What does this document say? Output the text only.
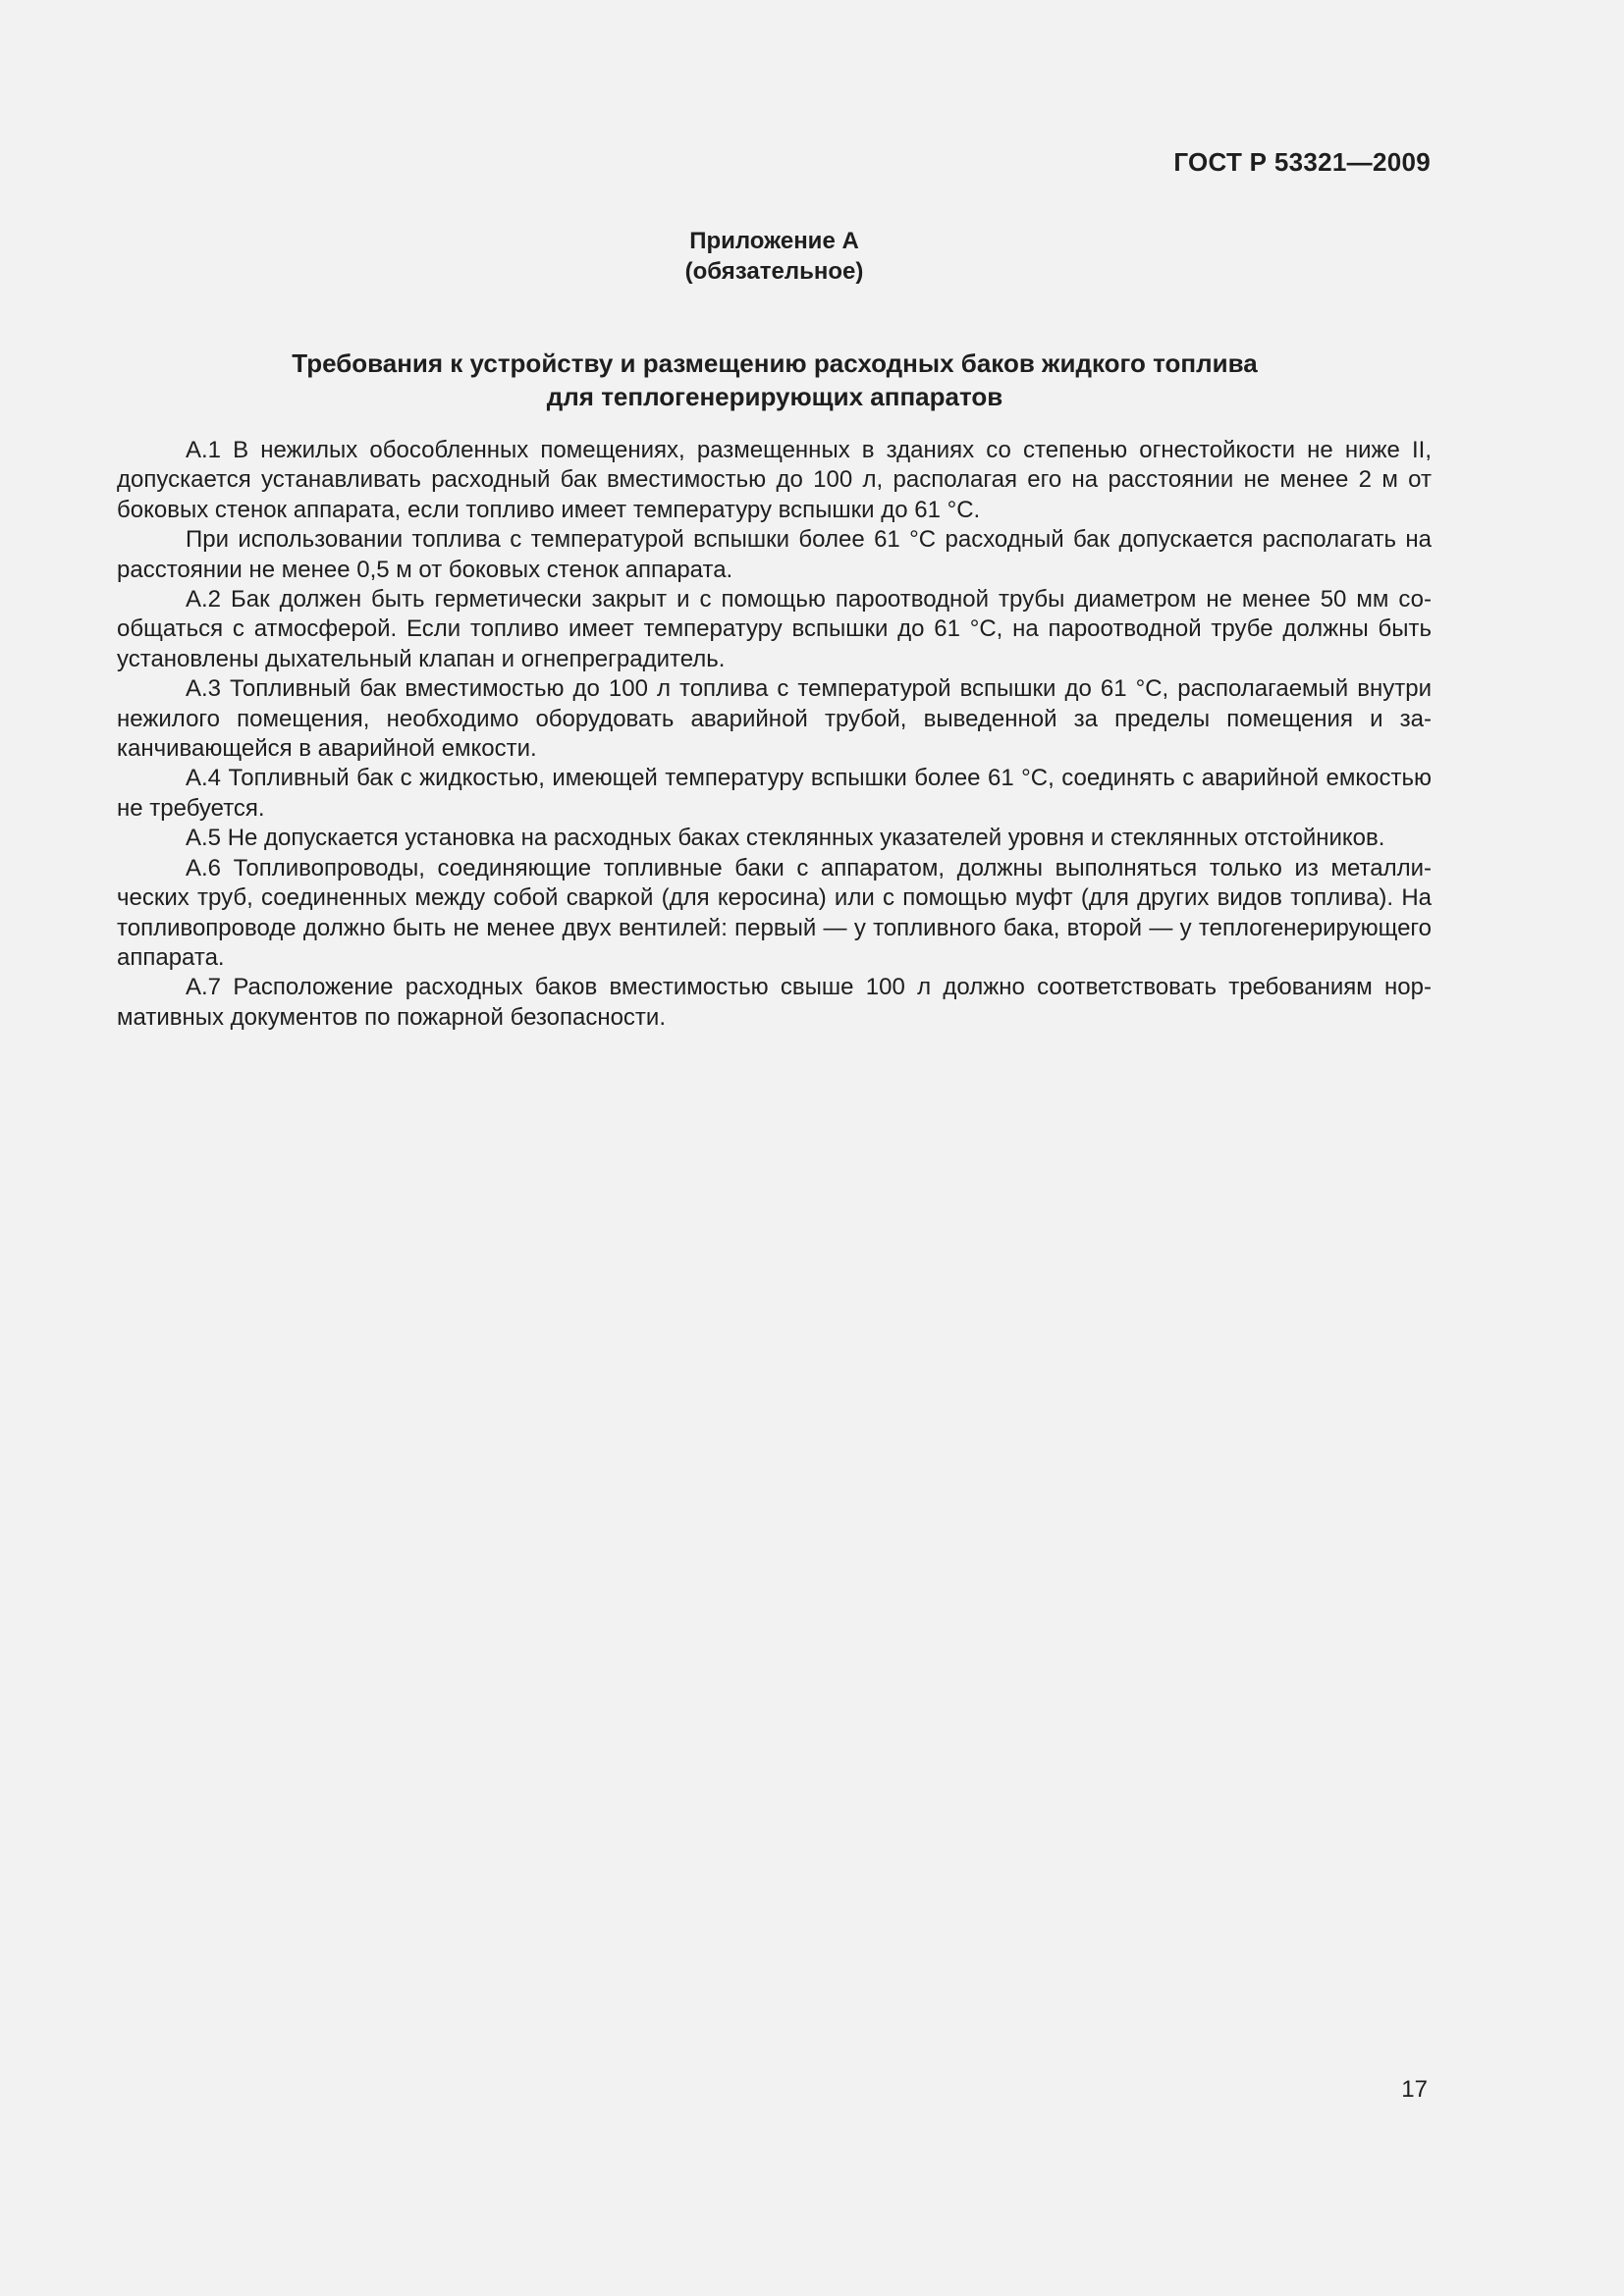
ГОСТ Р 53321—2009
Приложение А
(обязательное)
Требования к устройству и размещению расходных баков жидкого топлива
для теплогенерирующих аппаратов

А.1 В нежилых обособленных помещениях, размещенных в зданиях со степенью огнестойкости не ниже II, допускается устанавливать расходный бак вместимостью до 100 л, располагая его на расстоянии не менее 2 м от боковых стенок аппарата, если топливо имеет температуру вспышки до 61 °С.

При использовании топлива с температурой вспышки более 61 °С расходный бак допускается располагать на расстоянии не менее 0,5 м от боковых стенок аппарата.

А.2 Бак должен быть герметически закрыт и с помощью пароотводной трубы диаметром не менее 50 мм сообщаться с атмосферой. Если топливо имеет температуру вспышки до 61 °С, на пароотводной трубе должны быть установлены дыхательный клапан и огнепреградитель.

А.3 Топливный бак вместимостью до 100 л топлива с температурой вспышки до 61 °С, располагаемый внутри нежилого помещения, необходимо оборудовать аварийной трубой, выведенной за пределы помещения и заканчивающейся в аварийной емкости.

А.4 Топливный бак с жидкостью, имеющей температуру вспышки более 61 °С, соединять с аварийной емкостью не требуется.

А.5 Не допускается установка на расходных баках стеклянных указателей уровня и стеклянных отстойников.

А.6 Топливопроводы, соединяющие топливные баки с аппаратом, должны выполняться только из металлических труб, соединенных между собой сваркой (для керосина) или с помощью муфт (для других видов топлива). На топливопроводе должно быть не менее двух вентилей: первый — у топливного бака, второй — у теплогенерирующего аппарата.

А.7 Расположение расходных баков вместимостью свыше 100 л должно соответствовать требованиям нормативных документов по пожарной безопасности.

17
